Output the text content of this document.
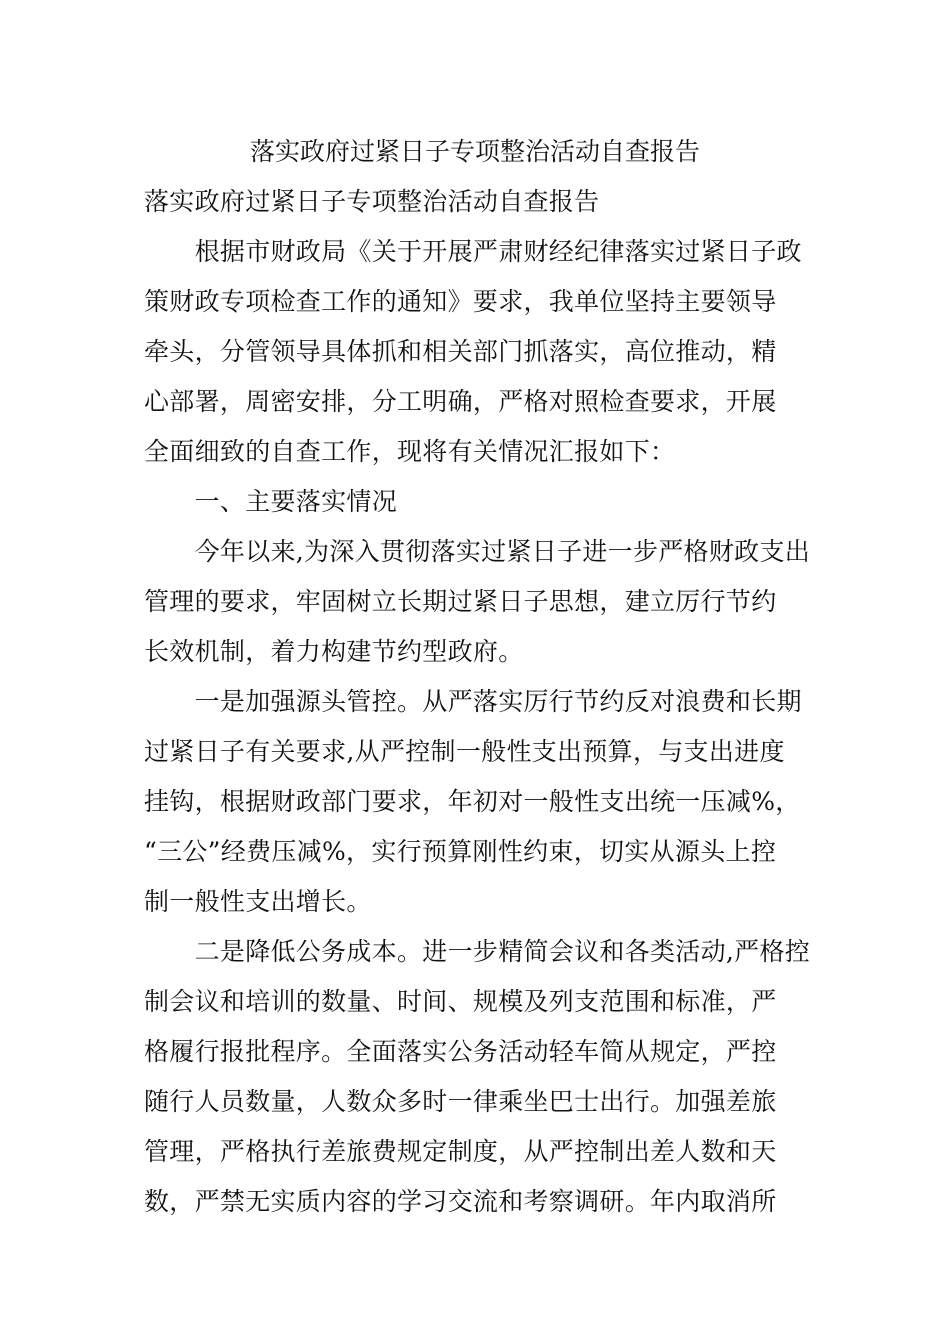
落实政府过紧日子专项整治活动自查报告
落实政府过紧日子专项整治活动自查报告
　　根据市财政局《关于开展严肃财经纪律落实过紧日子政
策财政专项检查工作的通知》要求，我单位坚持主要领导
牵头，分管领导具体抓和相关部门抓落实，高位推动，精
心部署，周密安排，分工明确，严格对照检查要求，开展
全面细致的自查工作，现将有关情况汇报如下：
　　一、主要落实情况
　　今年以来,为深入贯彻落实过紧日子进一步严格财政支出
管理的要求，牢固树立长期过紧日子思想，建立厉行节约
长效机制，着力构建节约型政府。
　　一是加强源头管控。从严落实厉行节约反对浪费和长期
过紧日子有关要求,从严控制一般性支出预算，与支出进度
挂钩，根据财政部门要求，年初对一般性支出统一压减%，
“三公”经费压减%，实行预算刚性约束，切实从源头上控
制一般性支出增长。
　　二是降低公务成本。进一步精简会议和各类活动,严格控
制会议和培训的数量、时间、规模及列支范围和标准，严
格履行报批程序。全面落实公务活动轻车简从规定，严控
随行人员数量，人数众多时一律乘坐巴士出行。加强差旅
管理，严格执行差旅费规定制度，从严控制出差人数和天
数，严禁无实质内容的学习交流和考察调研。年内取消所
